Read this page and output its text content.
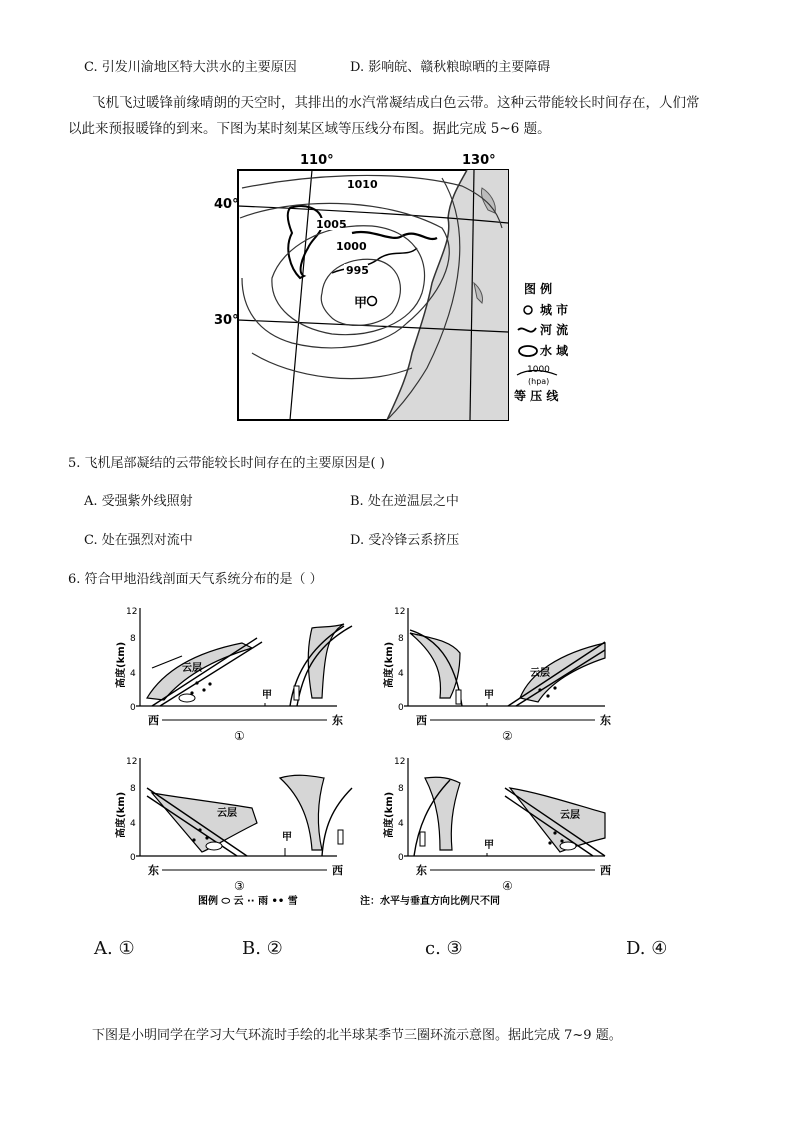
C. 引发川渝地区特大洪水的主要原因	D. 影响皖、赣秋粮晾晒的主要障碍
飞机飞过暖锋前缘晴朗的天空时，其排出的水汽常凝结成白色云带。这种云带能较长时间存在，人们常
以此来预报暖锋的到来。下图为某时刻某区域等压线分布图。据此完成 5~6 题。
1010
1005
1000
995
甲
110°	130°
40°
30°
图 例
城 市
河 流
水 域
1000
(hpa)
等 压 线
5. 飞机尾部凝结的云带能较长时间存在的主要原因是( )
A. 受强紫外线照射	B. 处在逆温层之中
C. 处在强烈对流中	D. 受冷锋云系挤压
6. 符合甲地沿线剖面天气系统分布的是（ ）
12
8
4
0
高度(km)	云层
甲
西	东
①
12
8
4
0
高度(km)
甲
云层
西	东
②
12
8
4
0
高度(km)	云层
甲
东	西
③
12
8
4
0
高度(km)
甲
云层
东	西
④
图例 ⬭ 云 ·· 雨 •• 雪	注：水平与垂直方向比例尺不同
A. ①	B. ②	c. ③	D. ④
下图是小明同学在学习大气环流时手绘的北半球某季节三圈环流示意图。据此完成 7~9 题。
